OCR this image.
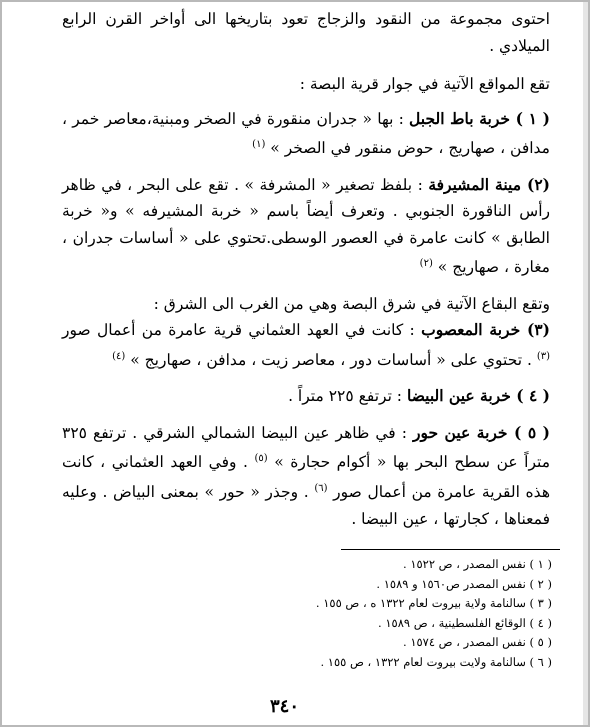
احتوى مجموعة من النقود والزجاج تعود بتاريخها الى أواخر القرن الرابع الميلادي .

تقع المواقع الآتية في جوار قرية البصة :

( ١ ) خربة باط الجبل : بها « جدران منقورة في الصخر ومبنية،معاصر خمر ، مدافن ، صهاريج ، حوض منقور في الصخر » $^{(١)}$

(٢) مينة المشيرفة : بلفظ تصغير « المشرفة » . تقع على البحر ، في ظاهر رأس الناقورة الجنوبي . وتعرف أيضاً باسم « خربة المشيرفه » و« خربة الطابق » كانت عامرة في العصور الوسطى.تحتوي على « أساسات جدران ، مغارة ، صهاريج » $^{(٢)}$

وتقع البقاع الآتية في شرق البصة وهي من الغرب الى الشرق :

(٣) خربة المعصوب : كانت في العهد العثماني قرية عامرة من أعمال صور $^{(٣)}$ . تحتوي على « أساسات دور ، معاصر زيت ، مدافن ، صهاريج » $^{(٤)}$

( ٤ ) خربة عين البيضا : ترتفع ٢٢٥ متراً .

( ٥ ) خربة عين حور : في ظاهر عين البيضا الشمالي الشرقي . ترتفع ٣٢٥ متراً عن سطح البحر بها « أكوام حجارة » $^{(٥)}$ . وفي العهد العثماني ، كانت هذه القرية عامرة من أعمال صور $^{(٦)}$ . وجذر « حور » بمعنى البياض . وعليه فمعناها ، كجارتها ، عين البيضا .

( ١ ) نفس المصدر ، ص ١٥٢٢ .

( ٢ ) نفس المصدر ص١٥٦٠ و ١٥٨٩ .

( ٣ ) سالنامة ولاية بيروت لعام ١٣٢٢ ه ، ص ١٥٥ .

( ٤ ) الوقائع الفلسطينية ، ص ١٥٨٩ .

( ٥ ) نفس المصدر ، ص ١٥٧٤ .

( ٦ ) سالنامة ولايت بيروت لعام ١٣٢٢ ، ص ١٥٥ .

٣٤٠
